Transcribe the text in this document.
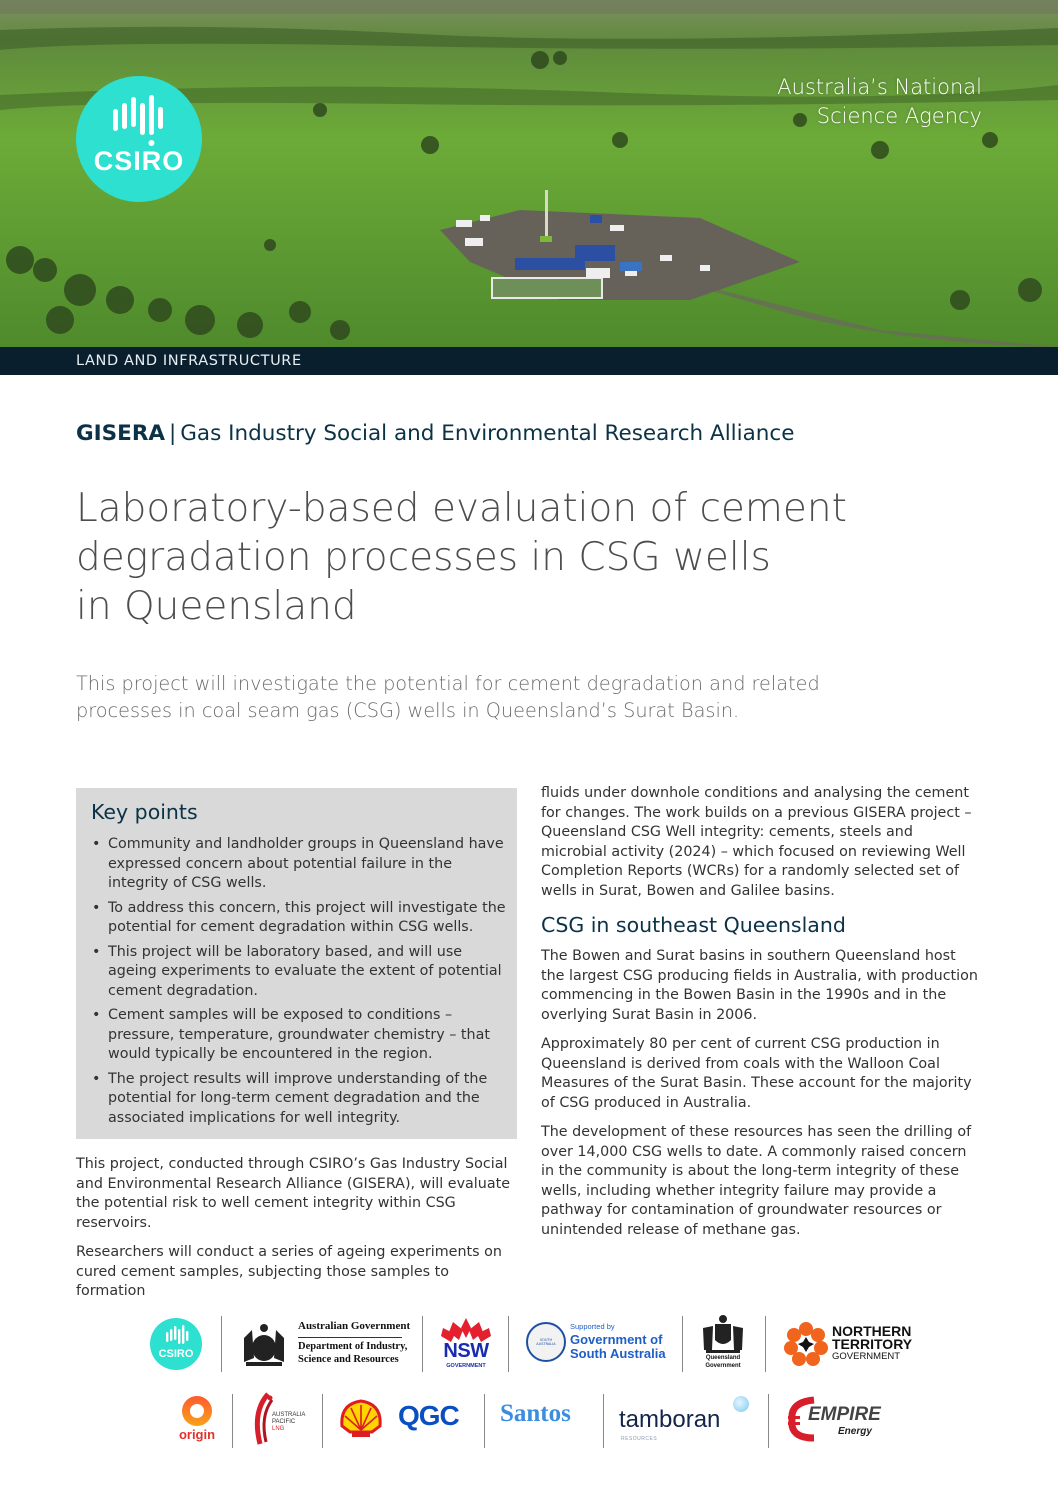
CSIRO
Australia’s National
Science Agency
LAND AND INFRASTRUCTURE
GISERA | Gas Industry Social and Environmental Research Alliance
Laboratory-based evaluation of cement
degradation processes in CSG wells
in Queensland
This project will investigate the potential for cement degradation and related
processes in coal seam gas (CSG) wells in Queensland’s Surat Basin.
Key points
• Community and landholder groups in Queensland have expressed concern about potential failure in the integrity of CSG wells.
• To address this concern, this project will investigate the potential for cement degradation within CSG wells.
• This project will be laboratory based, and will use ageing experiments to evaluate the extent of potential cement degradation.
• Cement samples will be exposed to conditions – pressure, temperature, groundwater chemistry – that would typically be encountered in the region.
• The project results will improve understanding of the potential for long-term cement degradation and the associated implications for well integrity.

This project, conducted through CSIRO’s Gas Industry Social and Environmental Research Alliance (GISERA), will evaluate the potential risk to well cement integrity within CSG reservoirs.

Researchers will conduct a series of ageing experiments on cured cement samples, subjecting those samples to formation

fluids under downhole conditions and analysing the cement for changes. The work builds on a previous GISERA project – Queensland CSG Well integrity: cements, steels and microbial activity (2024) – which focused on reviewing Well Completion Reports (WCRs) for a randomly selected set of wells in Surat, Bowen and Galilee basins.

CSG in southeast Queensland

The Bowen and Surat basins in southern Queensland host the largest CSG producing fields in Australia, with production commencing in the Bowen Basin in the 1990s and in the overlying Surat Basin in 2006.

Approximately 80 per cent of current CSG production in Queensland is derived from coals with the Walloon Coal Measures of the Surat Basin. These account for the majority of CSG produced in Australia.

The development of these resources has seen the drilling of over 14,000 CSG wells to date. A commonly raised concern in the community is about the long-term integrity of these wells, including whether integrity failure may provide a pathway for contamination of groundwater resources or unintended release of methane gas.

CSIRO
Australian Government
Department of Industry,
Science and Resources NSW
GOVERNMENT
SOUTH AUSTRALIA
Supported by
Government of
South Australia	Queensland
Government
NORTHERN
TERRITORY
GOVERNMENT
origin
AUSTRALIA
PACIFIC
LNG	QGC	Santos	tamboran
RESOURCES
EMPIRE
Energy
